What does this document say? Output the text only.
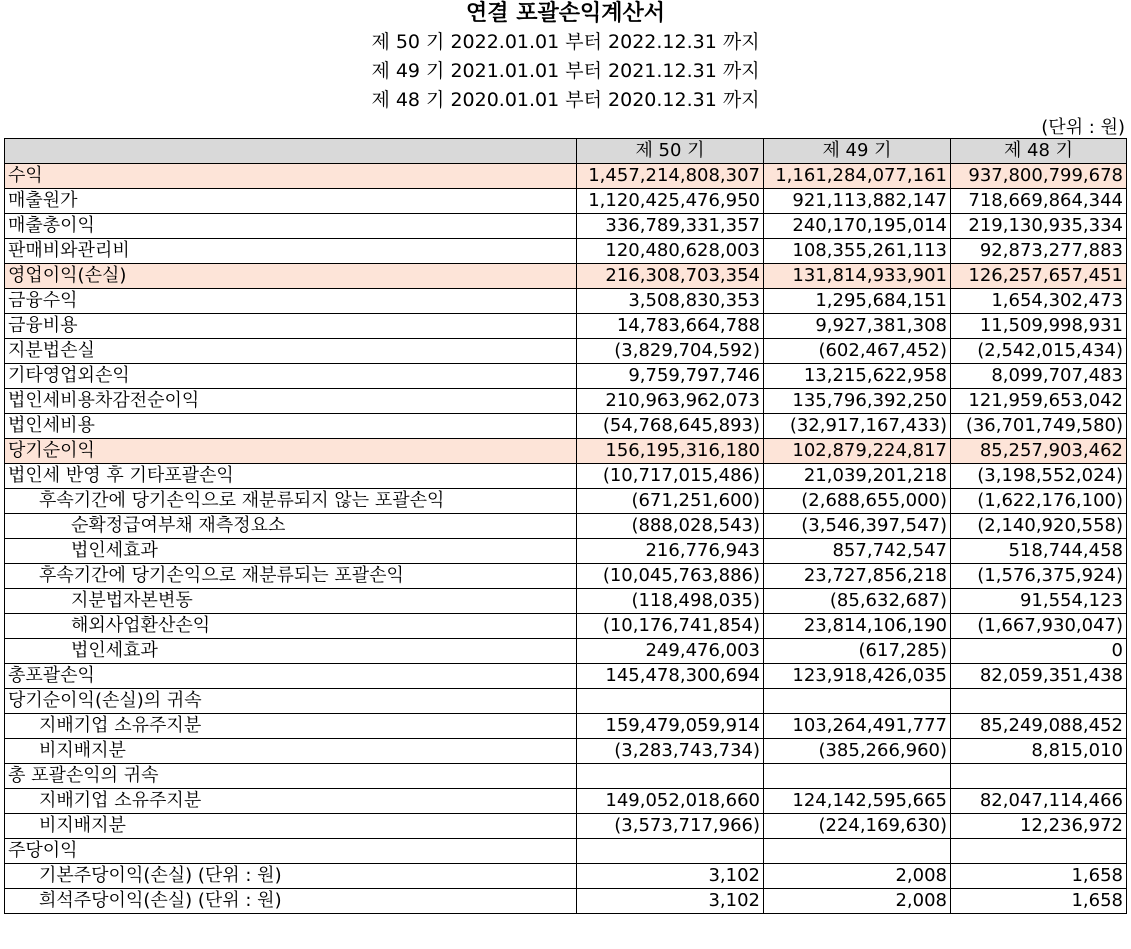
연결 포괄손익계산서
제 50 기 2022.01.01 부터 2022.12.31 까지
제 49 기 2021.01.01 부터 2021.12.31 까지
제 48 기 2020.01.01 부터 2020.12.31 까지
(단위 : 원)
	제 50 기	제 49 기	제 48 기
수익	1,457,214,808,307	1,161,284,077,161	937,800,799,678
매출원가	1,120,425,476,950	921,113,882,147	718,669,864,344
매출총이익	336,789,331,357	240,170,195,014	219,130,935,334
판매비와관리비	120,480,628,003	108,355,261,113	92,873,277,883
영업이익(손실)	216,308,703,354	131,814,933,901	126,257,657,451
금융수익	3,508,830,353	1,295,684,151	1,654,302,473
금융비용	14,783,664,788	9,927,381,308	11,509,998,931
지분법손실	(3,829,704,592)	(602,467,452)	(2,542,015,434)
기타영업외손익	9,759,797,746	13,215,622,958	8,099,707,483
법인세비용차감전순이익	210,963,962,073	135,796,392,250	121,959,653,042
법인세비용	(54,768,645,893)	(32,917,167,433)	(36,701,749,580)
당기순이익	156,195,316,180	102,879,224,817	85,257,903,462
법인세 반영 후 기타포괄손익	(10,717,015,486)	21,039,201,218	(3,198,552,024)
후속기간에 당기손익으로 재분류되지 않는 포괄손익	(671,251,600)	(2,688,655,000)	(1,622,176,100)
순확정급여부채 재측정요소	(888,028,543)	(3,546,397,547)	(2,140,920,558)
법인세효과	216,776,943	857,742,547	518,744,458
후속기간에 당기손익으로 재분류되는 포괄손익	(10,045,763,886)	23,727,856,218	(1,576,375,924)
지분법자본변동	(118,498,035)	(85,632,687)	91,554,123
해외사업환산손익	(10,176,741,854)	23,814,106,190	(1,667,930,047)
법인세효과	249,476,003	(617,285)	0
총포괄손익	145,478,300,694	123,918,426,035	82,059,351,438
당기순이익(손실)의 귀속			
지배기업 소유주지분	159,479,059,914	103,264,491,777	85,249,088,452
비지배지분	(3,283,743,734)	(385,266,960)	8,815,010
총 포괄손익의 귀속			
지배기업 소유주지분	149,052,018,660	124,142,595,665	82,047,114,466
비지배지분	(3,573,717,966)	(224,169,630)	12,236,972
주당이익			
기본주당이익(손실) (단위 : 원)	3,102	2,008	1,658
희석주당이익(손실) (단위 : 원)	3,102	2,008	1,658
